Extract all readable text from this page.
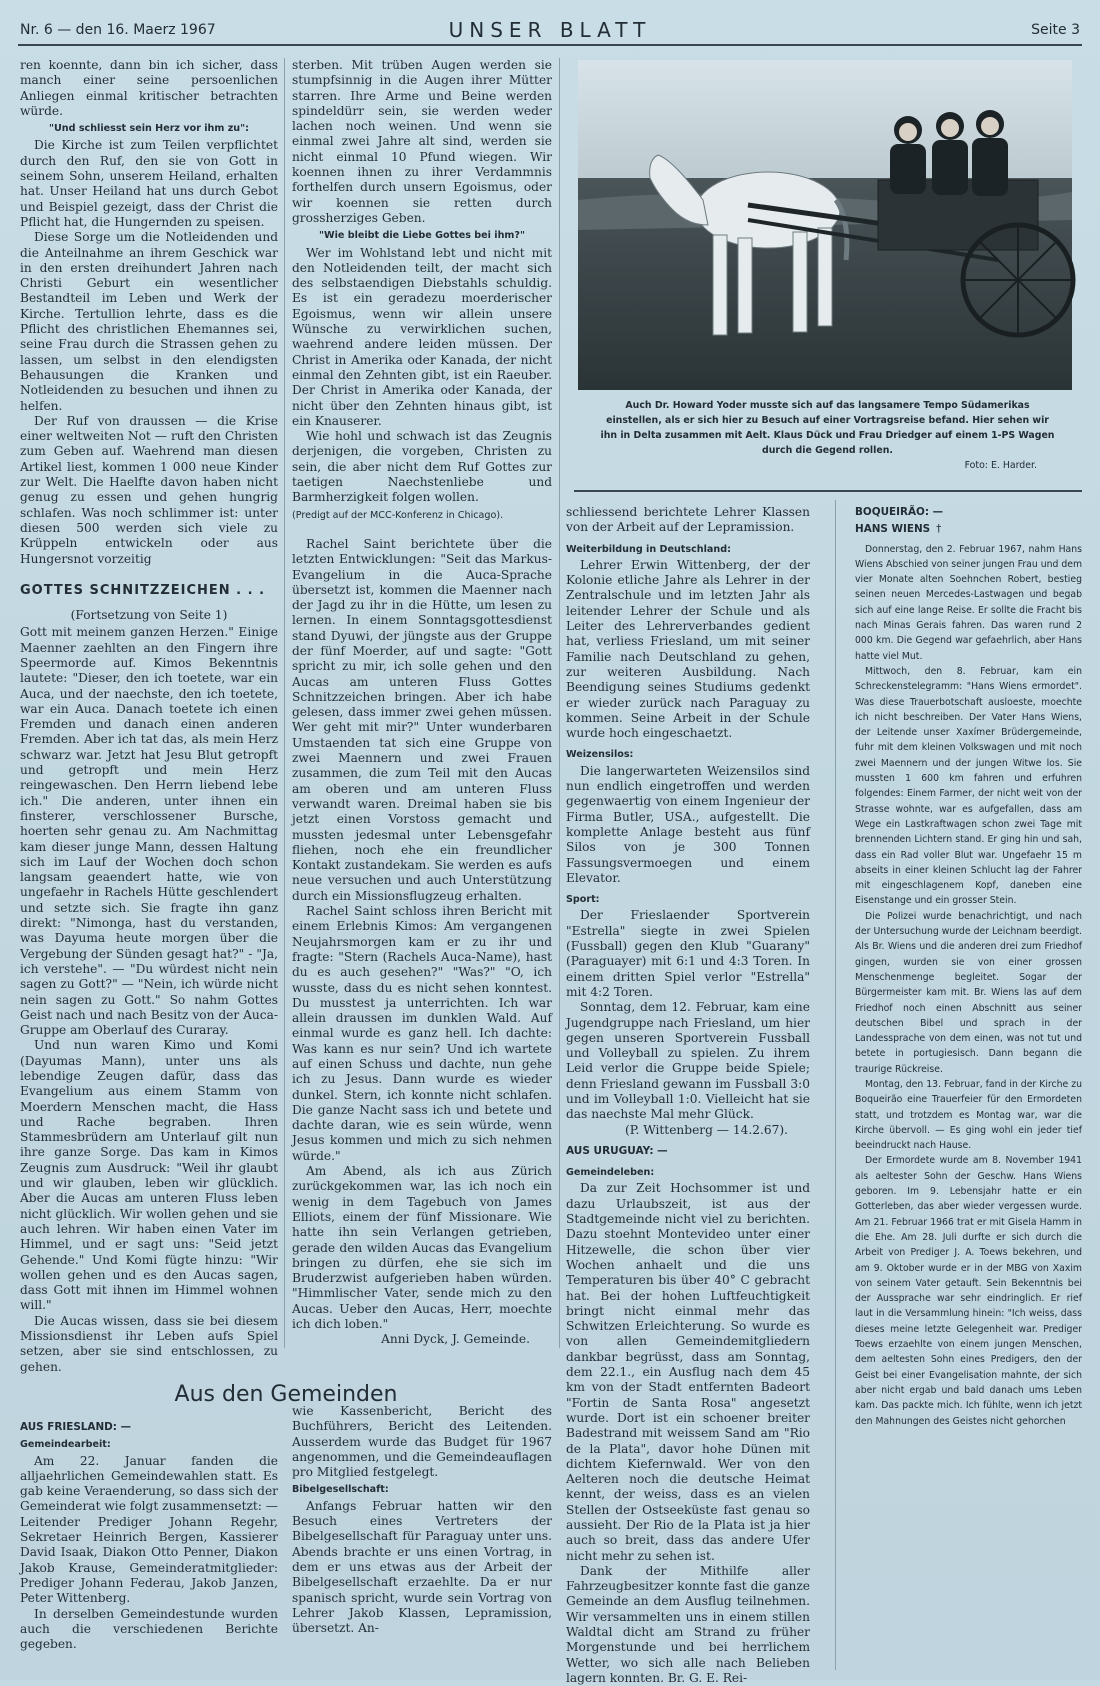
Nr. 6 — den 16. Maerz 1967	UNSER BLATT	Seite 3

ren koennte, dann bin ich sicher, dass manch einer seine persoenlichen Anliegen einmal kritischer betrachten würde.

"Und schliesst sein Herz vor ihm zu":

Die Kirche ist zum Teilen verpflichtet durch den Ruf, den sie von Gott in seinem Sohn, unserem Heiland, erhalten hat. Unser Heiland hat uns durch Gebot und Beispiel gezeigt, dass der Christ die Pflicht hat, die Hungernden zu speisen.

Diese Sorge um die Notleidenden und die Anteilnahme an ihrem Geschick war in den ersten dreihundert Jahren nach Christi Geburt ein wesentlicher Bestandteil im Leben und Werk der Kirche. Tertullion lehrte, dass es die Pflicht des christlichen Ehemannes sei, seine Frau durch die Strassen gehen zu lassen, um selbst in den elendigsten Behausungen die Kranken und Notleidenden zu besuchen und ihnen zu helfen.

Der Ruf von draussen — die Krise einer weltweiten Not — ruft den Christen zum Geben auf. Waehrend man diesen Artikel liest, kommen 1 000 neue Kinder zur Welt. Die Haelfte davon haben nicht genug zu essen und gehen hungrig schlafen. Was noch schlimmer ist: unter diesen 500 werden sich viele zu Krüppeln entwickeln oder aus Hungersnot vorzeitig

GOTTES SCHNITZZEICHEN . . .
(Fortsetzung von Seite 1)

Gott mit meinem ganzen Herzen." Einige Maenner zaehlten an den Fingern ihre Speermorde auf. Kimos Bekenntnis lautete: "Dieser, den ich toetete, war ein Auca, und der naechste, den ich toetete, war ein Auca. Danach toetete ich einen Fremden und danach einen anderen Fremden. Aber ich tat das, als mein Herz schwarz war. Jetzt hat Jesu Blut getropft und getropft und mein Herz reingewaschen. Den Herrn liebend lebe ich." Die anderen, unter ihnen ein finsterer, verschlossener Bursche, hoerten sehr genau zu. Am Nachmittag kam dieser junge Mann, dessen Haltung sich im Lauf der Wochen doch schon langsam geaendert hatte, wie von ungefaehr in Rachels Hütte geschlendert und setzte sich. Sie fragte ihn ganz direkt: "Nimonga, hast du verstanden, was Dayuma heute morgen über die Vergebung der Sünden gesagt hat?" - "Ja, ich verstehe". — "Du würdest nicht nein sagen zu Gott?" — "Nein, ich würde nicht nein sagen zu Gott." So nahm Gottes Geist nach und nach Besitz von der Auca-Gruppe am Oberlauf des Curaray.

Und nun waren Kimo und Komi (Dayumas Mann), unter uns als lebendige Zeugen dafür, dass das Evangelium aus einem Stamm von Moerdern Menschen macht, die Hass und Rache begraben. Ihren Stammesbrüdern am Unterlauf gilt nun ihre ganze Sorge. Das kam in Kimos Zeugnis zum Ausdruck: "Weil ihr glaubt und wir glauben, leben wir glücklich. Aber die Aucas am unteren Fluss leben nicht glücklich. Wir wollen gehen und sie auch lehren. Wir haben einen Vater im Himmel, und er sagt uns: "Seid jetzt Gehende." Und Komi fügte hinzu: "Wir wollen gehen und es den Aucas sagen, dass Gott mit ihnen im Himmel wohnen will."

Die Aucas wissen, dass sie bei diesem Missionsdienst ihr Leben aufs Spiel setzen, aber sie sind entschlossen, zu gehen.

sterben. Mit trüben Augen werden sie stumpfsinnig in die Augen ihrer Mütter starren. Ihre Arme und Beine werden spindeldürr sein, sie werden weder lachen noch weinen. Und wenn sie einmal zwei Jahre alt sind, werden sie nicht einmal 10 Pfund wiegen. Wir koennen ihnen zu ihrer Verdammnis forthelfen durch unsern Egoismus, oder wir koennen sie retten durch grossherziges Geben.

"Wie bleibt die Liebe Gottes bei ihm?"

Wer im Wohlstand lebt und nicht mit den Notleidenden teilt, der macht sich des selbstaendigen Diebstahls schuldig. Es ist ein geradezu moerderischer Egoismus, wenn wir allein unsere Wünsche zu verwirklichen suchen, waehrend andere leiden müssen. Der Christ in Amerika oder Kanada, der nicht einmal den Zehnten gibt, ist ein Raeuber. Der Christ in Amerika oder Kanada, der nicht über den Zehnten hinaus gibt, ist ein Knauserer.

Wie hohl und schwach ist das Zeugnis derjenigen, die vorgeben, Christen zu sein, die aber nicht dem Ruf Gottes zur taetigen Naechstenliebe und Barmherzigkeit folgen wollen.

(Predigt auf der MCC-Konferenz in Chicago).

Rachel Saint berichtete über die letzten Entwicklungen: "Seit das Markus-Evangelium in die Auca-Sprache übersetzt ist, kommen die Maenner nach der Jagd zu ihr in die Hütte, um lesen zu lernen. In einem Sonntagsgottesdienst stand Dyuwi, der jüngste aus der Gruppe der fünf Moerder, auf und sagte: "Gott spricht zu mir, ich solle gehen und den Aucas am unteren Fluss Gottes Schnitzzeichen bringen. Aber ich habe gelesen, dass immer zwei gehen müssen. Wer geht mit mir?" Unter wunderbaren Umstaenden tat sich eine Gruppe von zwei Maennern und zwei Frauen zusammen, die zum Teil mit den Aucas am oberen und am unteren Fluss verwandt waren. Dreimal haben sie bis jetzt einen Vorstoss gemacht und mussten jedesmal unter Lebensgefahr fliehen, noch ehe ein freundlicher Kontakt zustandekam. Sie werden es aufs neue versuchen und auch Unterstützung durch ein Missionsflugzeug erhalten.

Rachel Saint schloss ihren Bericht mit einem Erlebnis Kimos: Am vergangenen Neujahrsmorgen kam er zu ihr und fragte: "Stern (Rachels Auca-Name), hast du es auch gesehen?" "Was?" "O, ich wusste, dass du es nicht sehen konntest. Du musstest ja unterrichten. Ich war allein draussen im dunklen Wald. Auf einmal wurde es ganz hell. Ich dachte: Was kann es nur sein? Und ich wartete auf einen Schuss und dachte, nun gehe ich zu Jesus. Dann wurde es wieder dunkel. Stern, ich konnte nicht schlafen. Die ganze Nacht sass ich und betete und dachte daran, wie es sein würde, wenn Jesus kommen und mich zu sich nehmen würde."

Am Abend, als ich aus Zürich zurückgekommen war, las ich noch ein wenig in dem Tagebuch von James Elliots, einem der fünf Missionare. Wie hatte ihn sein Verlangen getrieben, gerade den wilden Aucas das Evangelium bringen zu dürfen, ehe sie sich im Bruderzwist aufgerieben haben würden. "Himmlischer Vater, sende mich zu den Aucas. Ueber den Aucas, Herr, moechte ich dich loben."

Anni Dyck, J. Gemeinde.

Auch Dr. Howard Yoder musste sich auf das langsamere Tempo Südamerikas einstellen, als er sich hier zu Besuch auf einer Vortragsreise befand. Hier sehen wir ihn in Delta zusammen mit Aelt. Klaus Dück und Frau Driedger auf einem 1-PS Wagen durch die Gegend rollen.
Foto: E. Harder.

schliessend berichtete Lehrer Klassen von der Arbeit auf der Lepramission.

Weiterbildung in Deutschland:

Lehrer Erwin Wittenberg, der der Kolonie etliche Jahre als Lehrer in der Zentralschule und im letzten Jahr als leitender Lehrer der Schule und als Leiter des Lehrerverbandes gedient hat, verliess Friesland, um mit seiner Familie nach Deutschland zu gehen, zur weiteren Ausbildung. Nach Beendigung seines Studiums gedenkt er wieder zurück nach Paraguay zu kommen. Seine Arbeit in der Schule wurde hoch eingeschaetzt.

Weizensilos:

Die langerwarteten Weizensilos sind nun endlich eingetroffen und werden gegenwaertig von einem Ingenieur der Firma Butler, USA., aufgestellt. Die komplette Anlage besteht aus fünf Silos von je 300 Tonnen Fassungsvermoegen und einem Elevator.

Sport:

Der Frieslaender Sportverein "Estrella" siegte in zwei Spielen (Fussball) gegen den Klub "Guarany" (Paraguayer) mit 6:1 und 4:3 Toren. In einem dritten Spiel verlor "Estrella" mit 4:2 Toren.

Sonntag, dem 12. Februar, kam eine Jugendgruppe nach Friesland, um hier gegen unseren Sportverein Fussball und Volleyball zu spielen. Zu ihrem Leid verlor die Gruppe beide Spiele; denn Friesland gewann im Fussball 3:0 und im Volleyball 1:0. Vielleicht hat sie das naechste Mal mehr Glück.

(P. Wittenberg — 14.2.67).

AUS URUGUAY: —
Gemeindeleben:

Da zur Zeit Hochsommer ist und dazu Urlaubszeit, ist aus der Stadtgemeinde nicht viel zu berichten. Dazu stoehnt Montevideo unter einer Hitzewelle, die schon über vier Wochen anhaelt und die uns Temperaturen bis über 40° C gebracht hat. Bei der hohen Luftfeuchtigkeit bringt nicht einmal mehr das Schwitzen Erleichterung. So wurde es von allen Gemeindemitgliedern dankbar begrüsst, dass am Sonntag, dem 22.1., ein Ausflug nach dem 45 km von der Stadt entfernten Badeort "Fortin de Santa Rosa" angesetzt wurde. Dort ist ein schoener breiter Badestrand mit weissem Sand am "Rio de la Plata", davor hohe Dünen mit dichtem Kiefernwald. Wer von den Aelteren noch die deutsche Heimat kennt, der weiss, dass es an vielen Stellen der Ostseeküste fast genau so aussieht. Der Rio de la Plata ist ja hier auch so breit, dass das andere Ufer nicht mehr zu sehen ist.

Dank der Mithilfe aller Fahrzeugbesitzer konnte fast die ganze Gemeinde an dem Ausflug teilnehmen. Wir versammelten uns in einem stillen Waldtal dicht am Strand zu früher Morgenstunde und bei herrlichem Wetter, wo sich alle nach Belieben lagern konnten. Br. G. E. Rei-

BOQUEIRÃO: —
HANS WIENS †

Donnerstag, den 2. Februar 1967, nahm Hans Wiens Abschied von seiner jungen Frau und dem vier Monate alten Soehnchen Robert, bestieg seinen neuen Mercedes-Lastwagen und begab sich auf eine lange Reise. Er sollte die Fracht bis nach Minas Gerais fahren. Das waren rund 2 000 km. Die Gegend war gefaehrlich, aber Hans hatte viel Mut.

Mittwoch, den 8. Februar, kam ein Schreckenstelegramm: "Hans Wiens ermordet". Was diese Trauerbotschaft ausloeste, moechte ich nicht beschreiben. Der Vater Hans Wiens, der Leitende unser Xaxímer Brüdergemeinde, fuhr mit dem kleinen Volkswagen und mit noch zwei Maennern und der jungen Witwe los. Sie mussten 1 600 km fahren und erfuhren folgendes: Einem Farmer, der nicht weit von der Strasse wohnte, war es aufgefallen, dass am Wege ein Lastkraftwagen schon zwei Tage mit brennenden Lichtern stand. Er ging hin und sah, dass ein Rad voller Blut war. Ungefaehr 15 m abseits in einer kleinen Schlucht lag der Fahrer mit eingeschlagenem Kopf, daneben eine Eisenstange und ein grosser Stein.

Die Polizei wurde benachrichtigt, und nach der Untersuchung wurde der Leichnam beerdigt. Als Br. Wiens und die anderen drei zum Friedhof gingen, wurden sie von einer grossen Menschenmenge begleitet. Sogar der Bürgermeister kam mit. Br. Wiens las auf dem Friedhof noch einen Abschnitt aus seiner deutschen Bibel und sprach in der Landessprache von dem einen, was not tut und betete in portugiesisch. Dann begann die traurige Rückreise.

Montag, den 13. Februar, fand in der Kirche zu Boqueirão eine Trauerfeier für den Ermordeten statt, und trotzdem es Montag war, war die Kirche übervoll. — Es ging wohl ein jeder tief beeindruckt nach Hause.

Der Ermordete wurde am 8. November 1941 als aeltester Sohn der Geschw. Hans Wiens geboren. Im 9. Lebensjahr hatte er ein Gotterleben, das aber wieder vergessen wurde. Am 21. Februar 1966 trat er mit Gisela Hamm in die Ehe. Am 28. Juli durfte er sich durch die Arbeit von Prediger J. A. Toews bekehren, und am 9. Oktober wurde er in der MBG von Xaxim von seinem Vater getauft. Sein Bekenntnis bei der Aussprache war sehr eindringlich. Er rief laut in die Versammlung hinein: "Ich weiss, dass dieses meine letzte Gelegenheit war. Prediger Toews erzaehlte von einem jungen Menschen, dem aeltesten Sohn eines Predigers, den der Geist bei einer Evangelisation mahnte, der sich aber nicht ergab und bald danach ums Leben kam. Das packte mich. Ich fühlte, wenn ich jetzt den Mahnungen des Geistes nicht gehorchen

Aus den Gemeinden
AUS FRIESLAND: —
Gemeindearbeit:

Am 22. Januar fanden die alljaehrlichen Gemeindewahlen statt. Es gab keine Veraenderung, so dass sich der Gemeinderat wie folgt zusammensetzt: — Leitender Prediger Johann Regehr, Sekretaer Heinrich Bergen, Kassierer David Isaak, Diakon Otto Penner, Diakon Jakob Krause, Gemeinderatmitglieder: Prediger Johann Federau, Jakob Janzen, Peter Wittenberg.

In derselben Gemeindestunde wurden auch die verschiedenen Berichte gegeben.

wie Kassenbericht, Bericht des Buchführers, Bericht des Leitenden. Ausserdem wurde das Budget für 1967 angenommen, und die Gemeindeauflagen pro Mitglied festgelegt.

Bibelgesellschaft:

Anfangs Februar hatten wir den Besuch eines Vertreters der Bibelgesellschaft für Paraguay unter uns. Abends brachte er uns einen Vortrag, in dem er uns etwas aus der Arbeit der Bibelgesellschaft erzaehlte. Da er nur spanisch spricht, wurde sein Vortrag von Lehrer Jakob Klassen, Lepramission, übersetzt. An-
